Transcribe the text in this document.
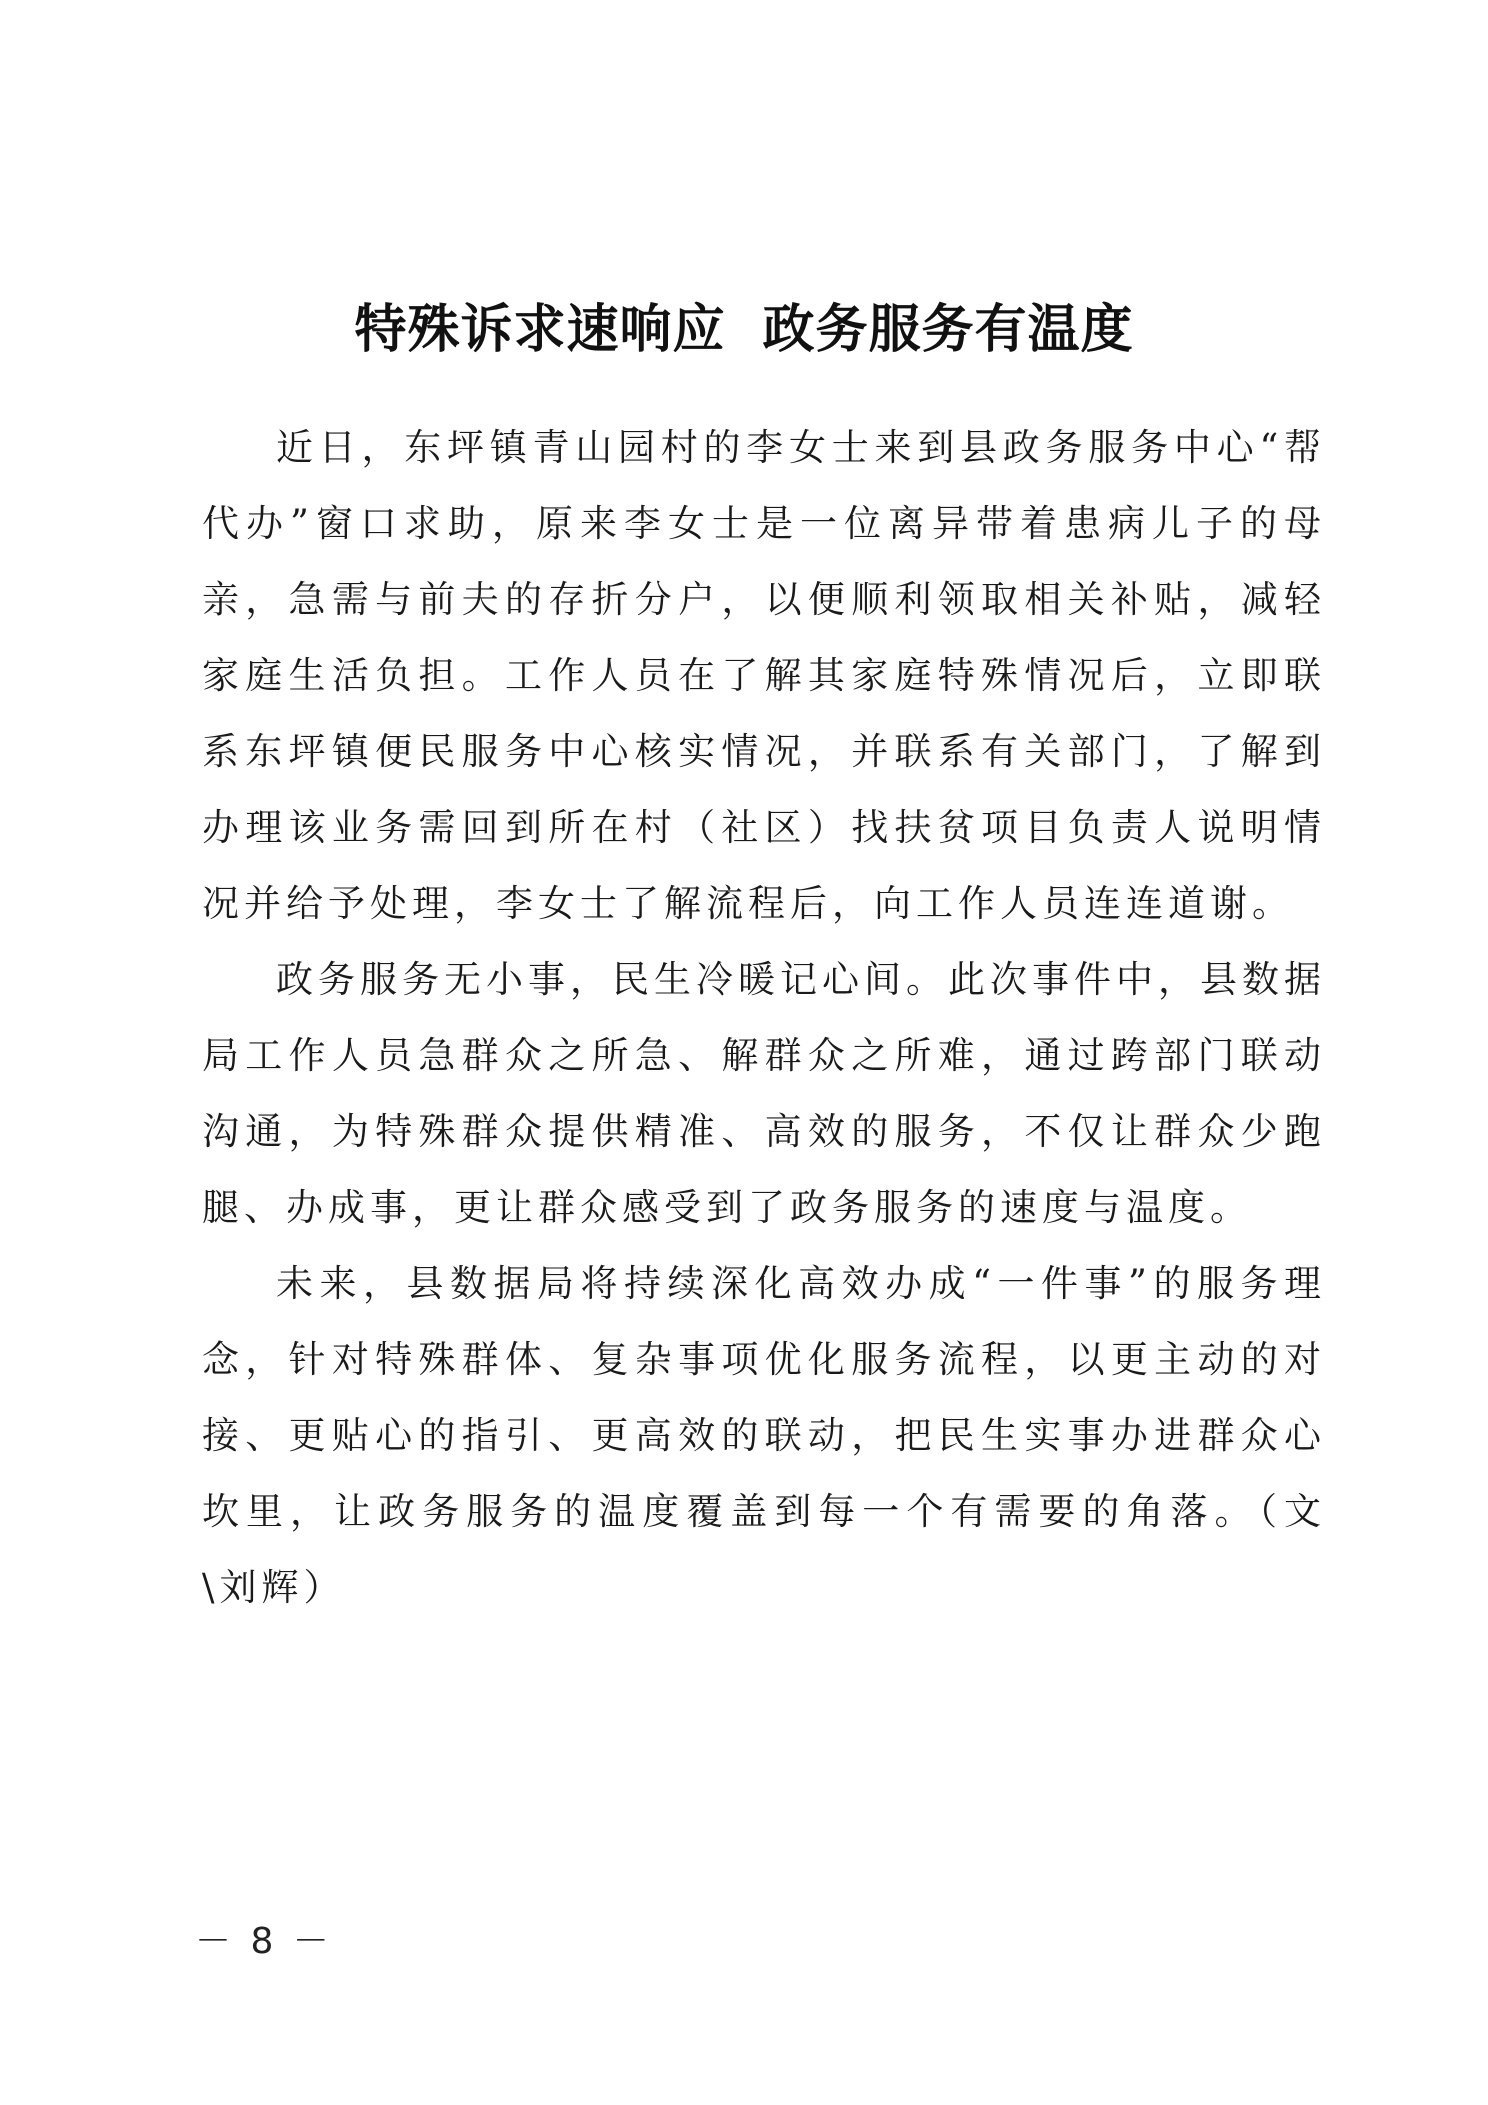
特殊诉求速响应 政务服务有温度

近日，东坪镇青山园村的李女士来到县政务服务中心“帮代办”窗口求助，原来李女士是一位离异带着患病儿子的母亲，急需与前夫的存折分户，以便顺利领取相关补贴，减轻家庭生活负担。工作人员在了解其家庭特殊情况后，立即联系东坪镇便民服务中心核实情况，并联系有关部门，了解到办理该业务需回到所在村（社区）找扶贫项目负责人说明情况并给予处理，李女士了解流程后，向工作人员连连道谢。

政务服务无小事，民生冷暖记心间。此次事件中，县数据局工作人员急群众之所急、解群众之所难，通过跨部门联动沟通，为特殊群众提供精准、高效的服务，不仅让群众少跑腿、办成事，更让群众感受到了政务服务的速度与温度。

未来，县数据局将持续深化高效办成“一件事”的服务理念，针对特殊群体、复杂事项优化服务流程，以更主动的对接、更贴心的指引、更高效的联动，把民生实事办进群众心坎里，让政务服务的温度覆盖到每一个有需要的角落。（文\刘辉）

－ 8 －
